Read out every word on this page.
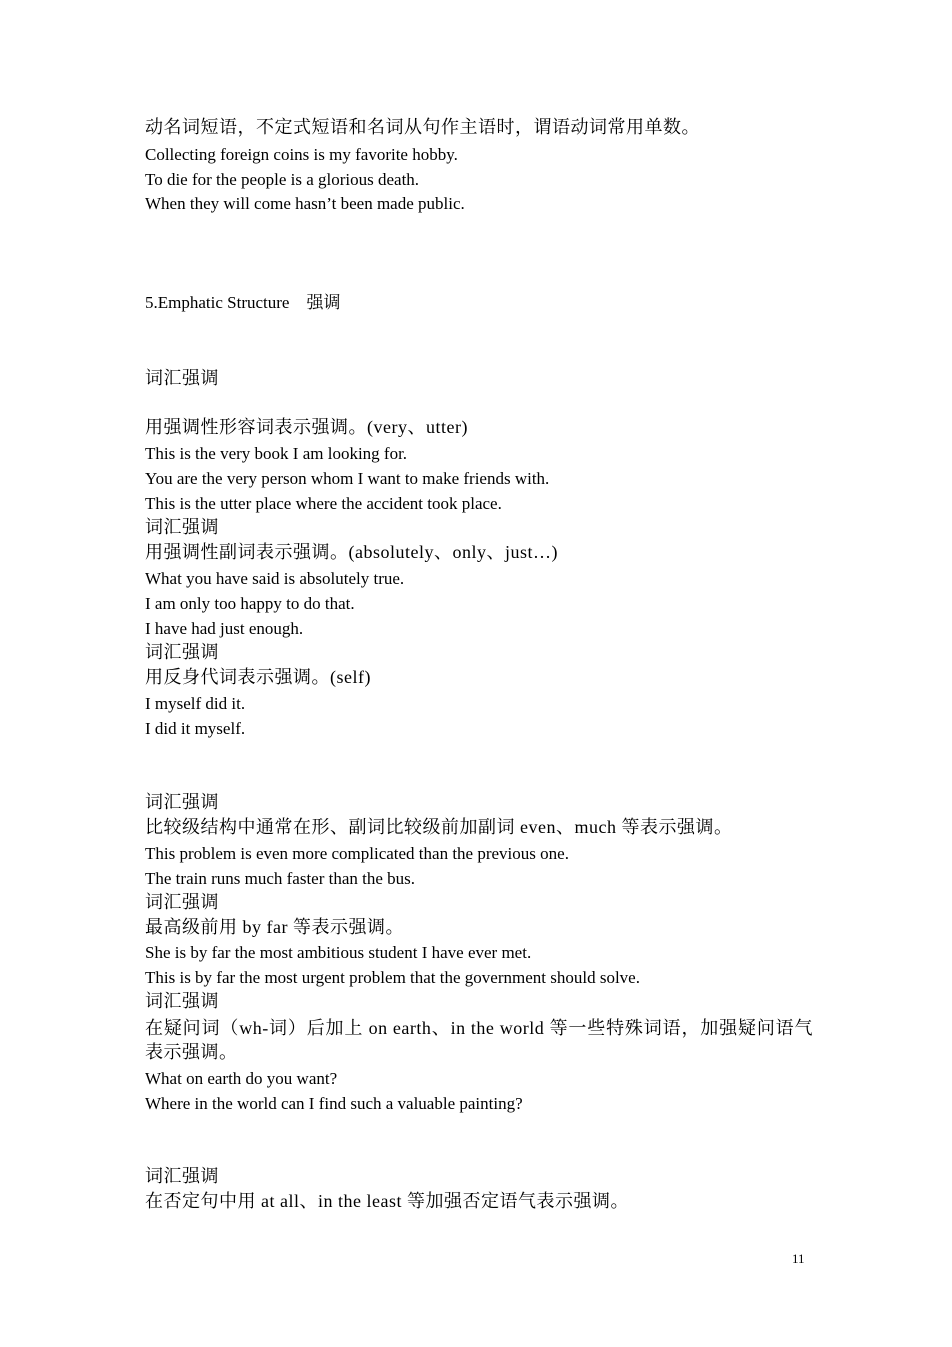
动名词短语，不定式短语和名词从句作主语时，谓语动词常用单数。
Collecting foreign coins is my favorite hobby.
To die for the people is a glorious death.
When they will come hasn’t been made public.
5.Emphatic Structure　强调
词汇强调
用强调性形容词表示强调。(very、utter)
This is the very book I am looking for.
You are the very person whom I want to make friends with.
This is the utter place where the accident took place.
词汇强调
用强调性副词表示强调。(absolutely、only、just…)
What you have said is absolutely true.
I am only too happy to do that.
I have had just enough.
词汇强调
用反身代词表示强调。(self)
I myself did it.
I did it myself.
词汇强调
比较级结构中通常在形、副词比较级前加副词 even、much 等表示强调。
This problem is even more complicated than the previous one.
The train runs much faster than the bus.
词汇强调
最高级前用 by far 等表示强调。
She is by far the most ambitious student I have ever met.
This is by far the most urgent problem that the government should solve.
词汇强调
在疑问词（wh-词）后加上 on earth、in the world 等一些特殊词语，加强疑问语气表示强调。
What on earth do you want?
Where in the world can I find such a valuable painting?
词汇强调
在否定句中用 at all、in the least 等加强否定语气表示强调。
11
